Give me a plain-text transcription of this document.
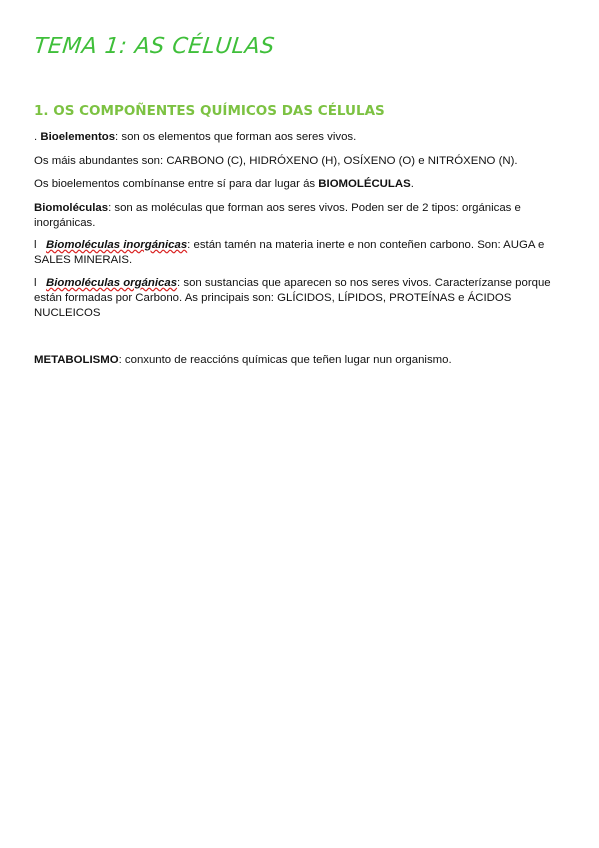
TEMA 1: AS CÉLULAS
1. OS COMPOÑENTES QUÍMICOS DAS CÉLULAS
. Bioelementos: son os elementos que forman aos seres vivos.
Os máis abundantes son: CARBONO (C), HIDRÓXENO (H), OSÍXENO (O) e NITRÓXENO (N).
Os bioelementos combínanse entre sí para dar lugar ás BIOMOLÉCULAS.
Biomoléculas: son as moléculas que forman aos seres vivos. Poden ser de 2 tipos: orgánicas e inorgánicas.
l Biomoléculas inorgánicas: están tamén na materia inerte e non conteñen carbono. Son: AUGA e SALES MINERAIS.
l Biomoléculas orgánicas: son sustancias que aparecen so nos seres vivos. Caracterízanse porque están formadas por Carbono. As principais son: GLÍCIDOS, LÍPIDOS, PROTEÍNAS e ÁCIDOS NUCLEICOS
METABOLISMO: conxunto de reaccións químicas que teñen lugar nun organismo.
